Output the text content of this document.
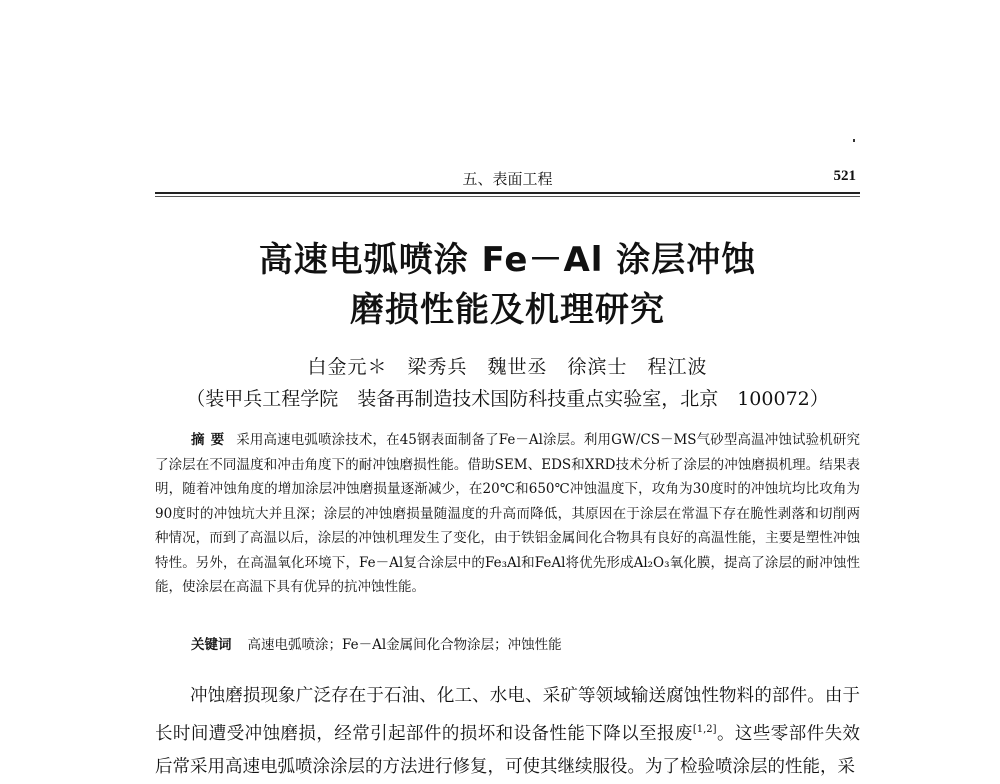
五、表面工程	521
高速电弧喷涂 Fe－Al 涂层冲蚀
磨损性能及机理研究
白金元＊　梁秀兵　魏世丞　徐滨士　程江波
（装甲兵工程学院　装备再制造技术国防科技重点实验室，北京　100072）
摘要 采用高速电弧喷涂技术，在45钢表面制备了Fe－Al涂层。利用GW/CS－MS气砂型高温冲蚀试验机研究了涂层在不同温度和冲击角度下的耐冲蚀磨损性能。借助SEM、EDS和XRD技术分析了涂层的冲蚀磨损机理。结果表明，随着冲蚀角度的增加涂层冲蚀磨损量逐渐减少，在20℃和650℃冲蚀温度下，攻角为30度时的冲蚀坑均比攻角为90度时的冲蚀坑大并且深；涂层的冲蚀磨损量随温度的升高而降低，其原因在于涂层在常温下存在脆性剥落和切削两种情况，而到了高温以后，涂层的冲蚀机理发生了变化，由于铁铝金属间化合物具有良好的高温性能，主要是塑性冲蚀特性。另外，在高温氧化环境下，Fe－Al复合涂层中的Fe₃Al和FeAl将优先形成Al₂O₃氧化膜，提高了涂层的耐冲蚀性能，使涂层在高温下具有优异的抗冲蚀性能。
关键词 高速电弧喷涂；Fe－Al金属间化合物涂层；冲蚀性能
冲蚀磨损现象广泛存在于石油、化工、水电、采矿等领域输送腐蚀性物料的部件。由于长时间遭受冲蚀磨损，经常引起部件的损坏和设备性能下降以至报废[1,2]。这些零部件失效后常采用高速电弧喷涂涂层的方法进行修复，可使其继续服役。为了检验喷涂层的性能，采
